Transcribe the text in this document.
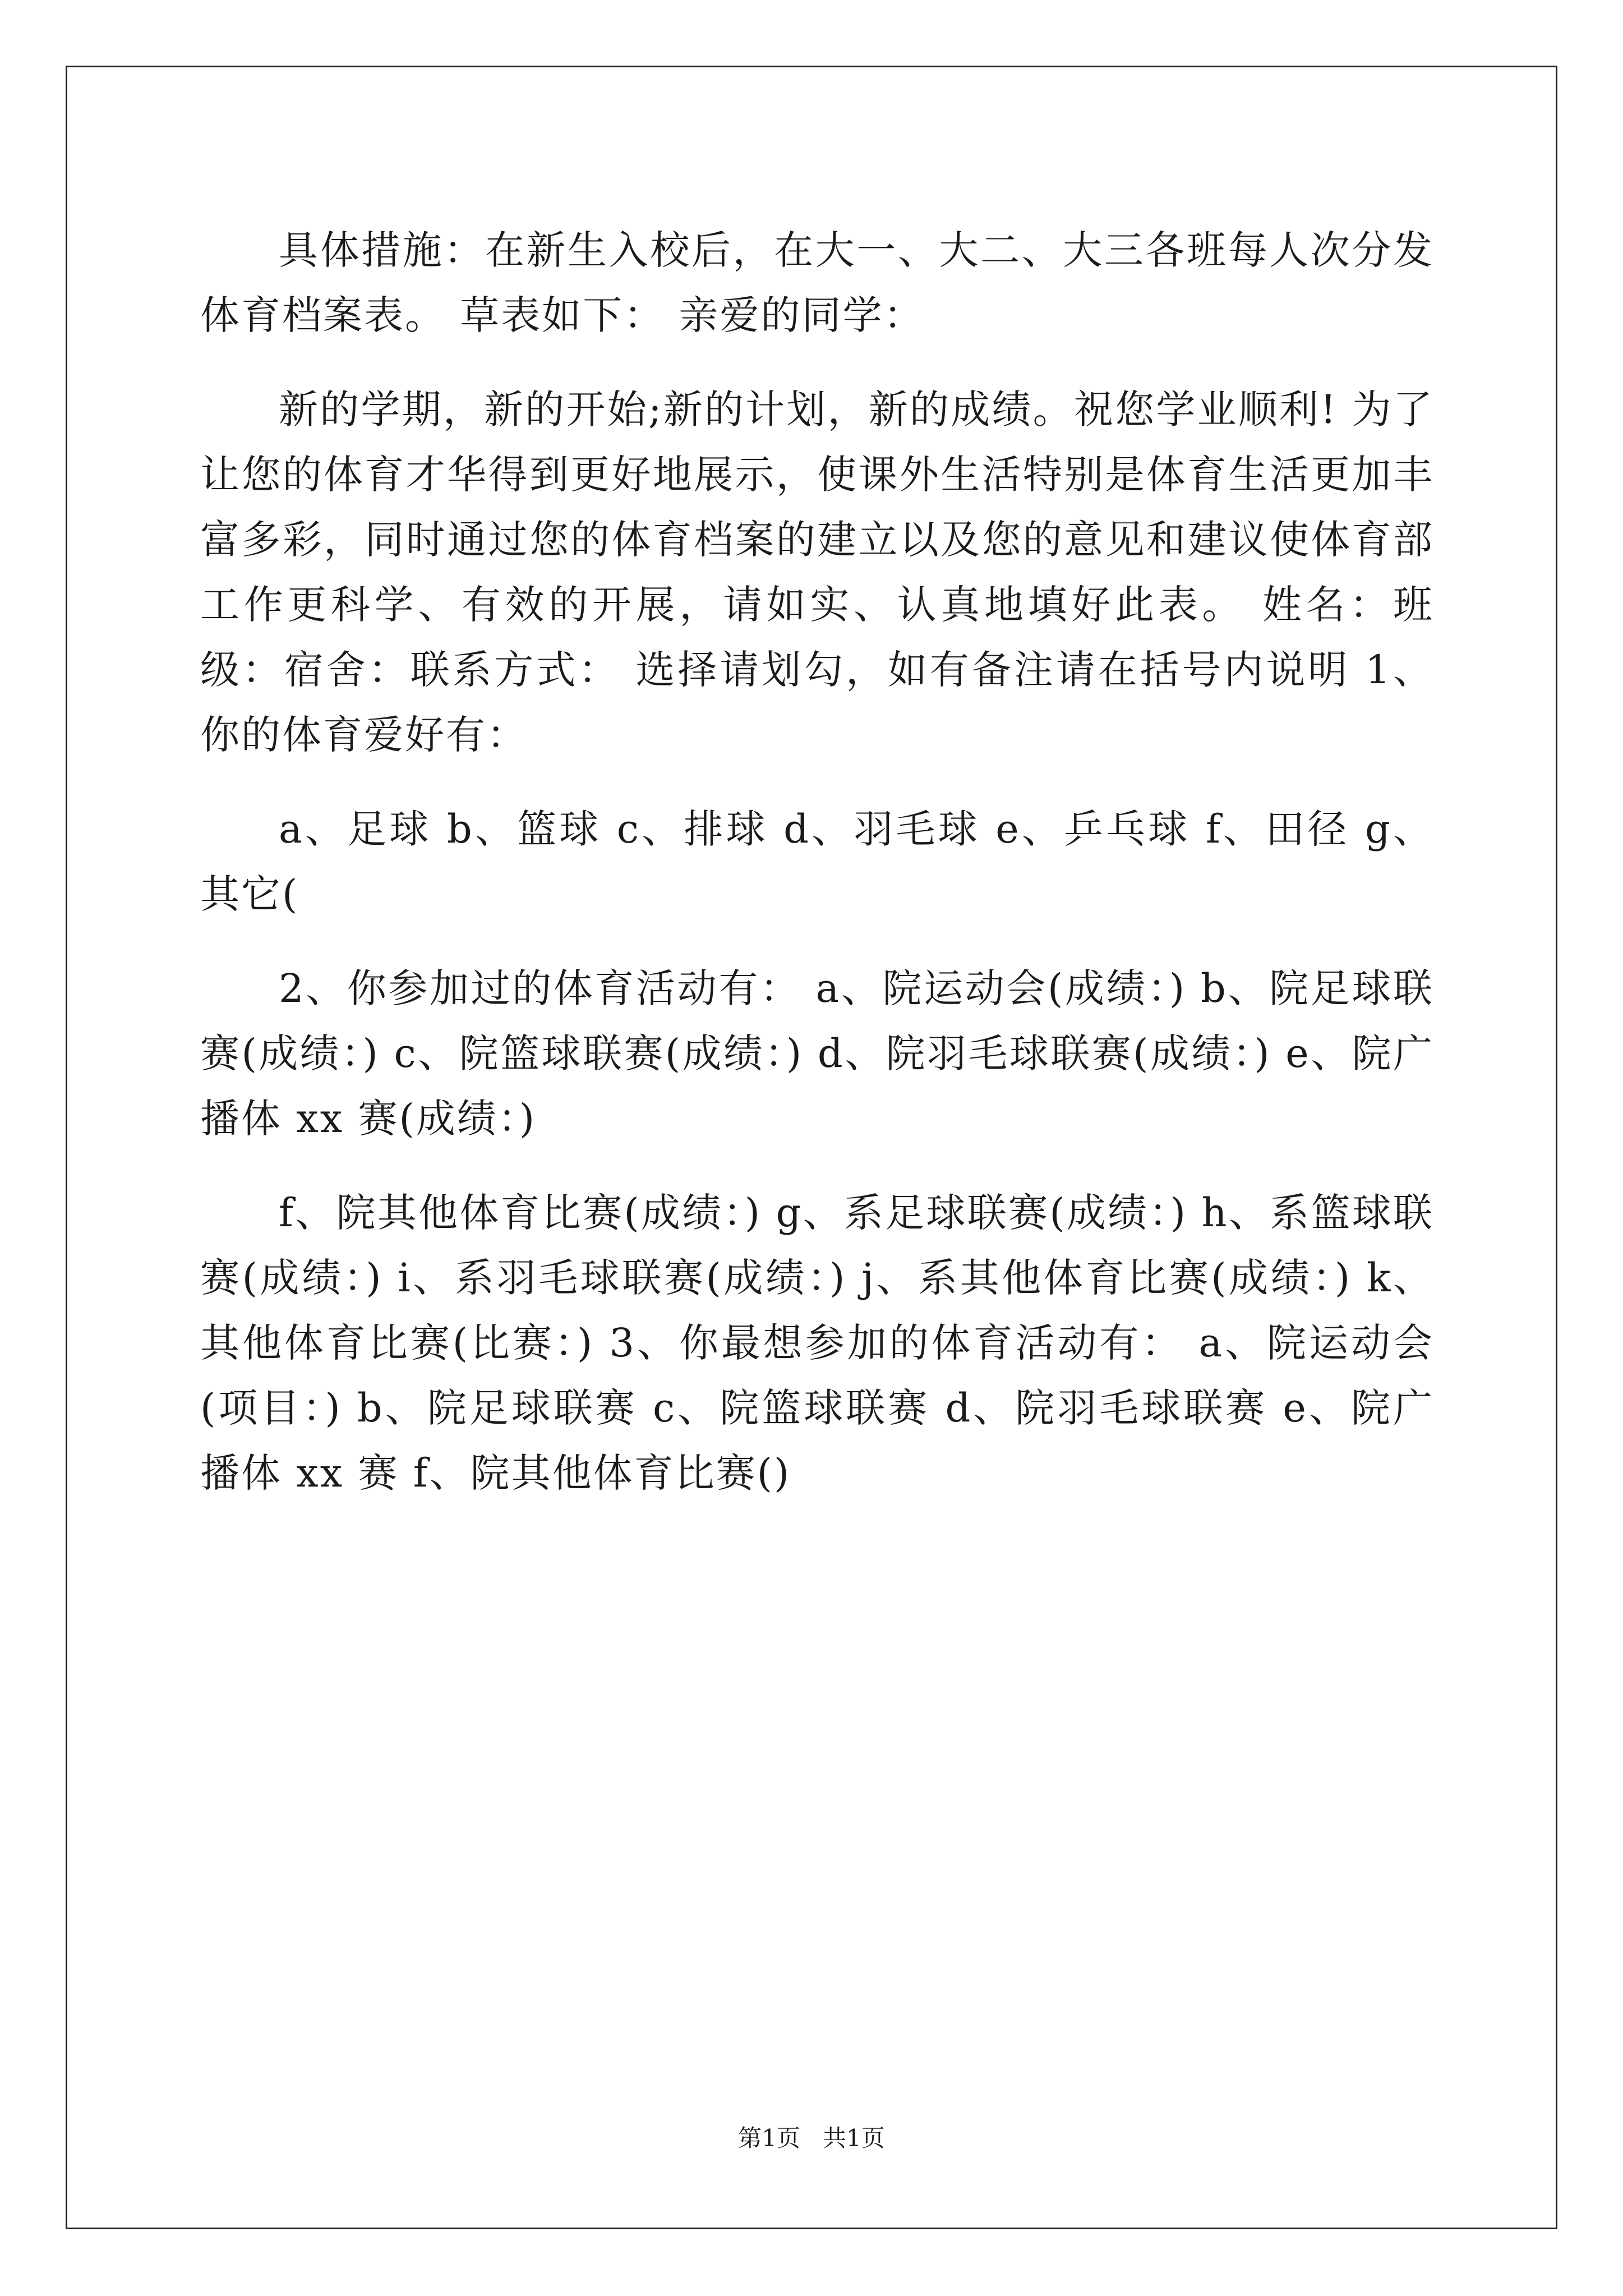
具体措施：在新生入校后，在大一、大二、大三各班每人次分发体育档案表。 草表如下： 亲爱的同学：

新的学期，新的开始;新的计划，新的成绩。祝您学业顺利! 为了让您的体育才华得到更好地展示，使课外生活特别是体育生活更加丰富多彩，同时通过您的体育档案的建立以及您的意见和建议使体育部工作更科学、有效的开展，请如实、认真地填好此表。 姓名：班级：宿舍：联系方式： 选择请划勾，如有备注请在括号内说明 1、你的体育爱好有：

a、足球 b、篮球 c、排球 d、羽毛球 e、乒乓球 f、田径 g、其它(

2、你参加过的体育活动有： a、院运动会(成绩：) b、院足球联赛(成绩：) c、院篮球联赛(成绩：) d、院羽毛球联赛(成绩：) e、院广播体 xx 赛(成绩：)

f、院其他体育比赛(成绩：) g、系足球联赛(成绩：) h、系篮球联赛(成绩：) i、系羽毛球联赛(成绩：) j、系其他体育比赛(成绩：) k、其他体育比赛(比赛：) 3、你最想参加的体育活动有： a、院运动会(项目：) b、院足球联赛 c、院篮球联赛 d、院羽毛球联赛 e、院广播体 xx 赛 f、院其他体育比赛()

第1页 共1页
